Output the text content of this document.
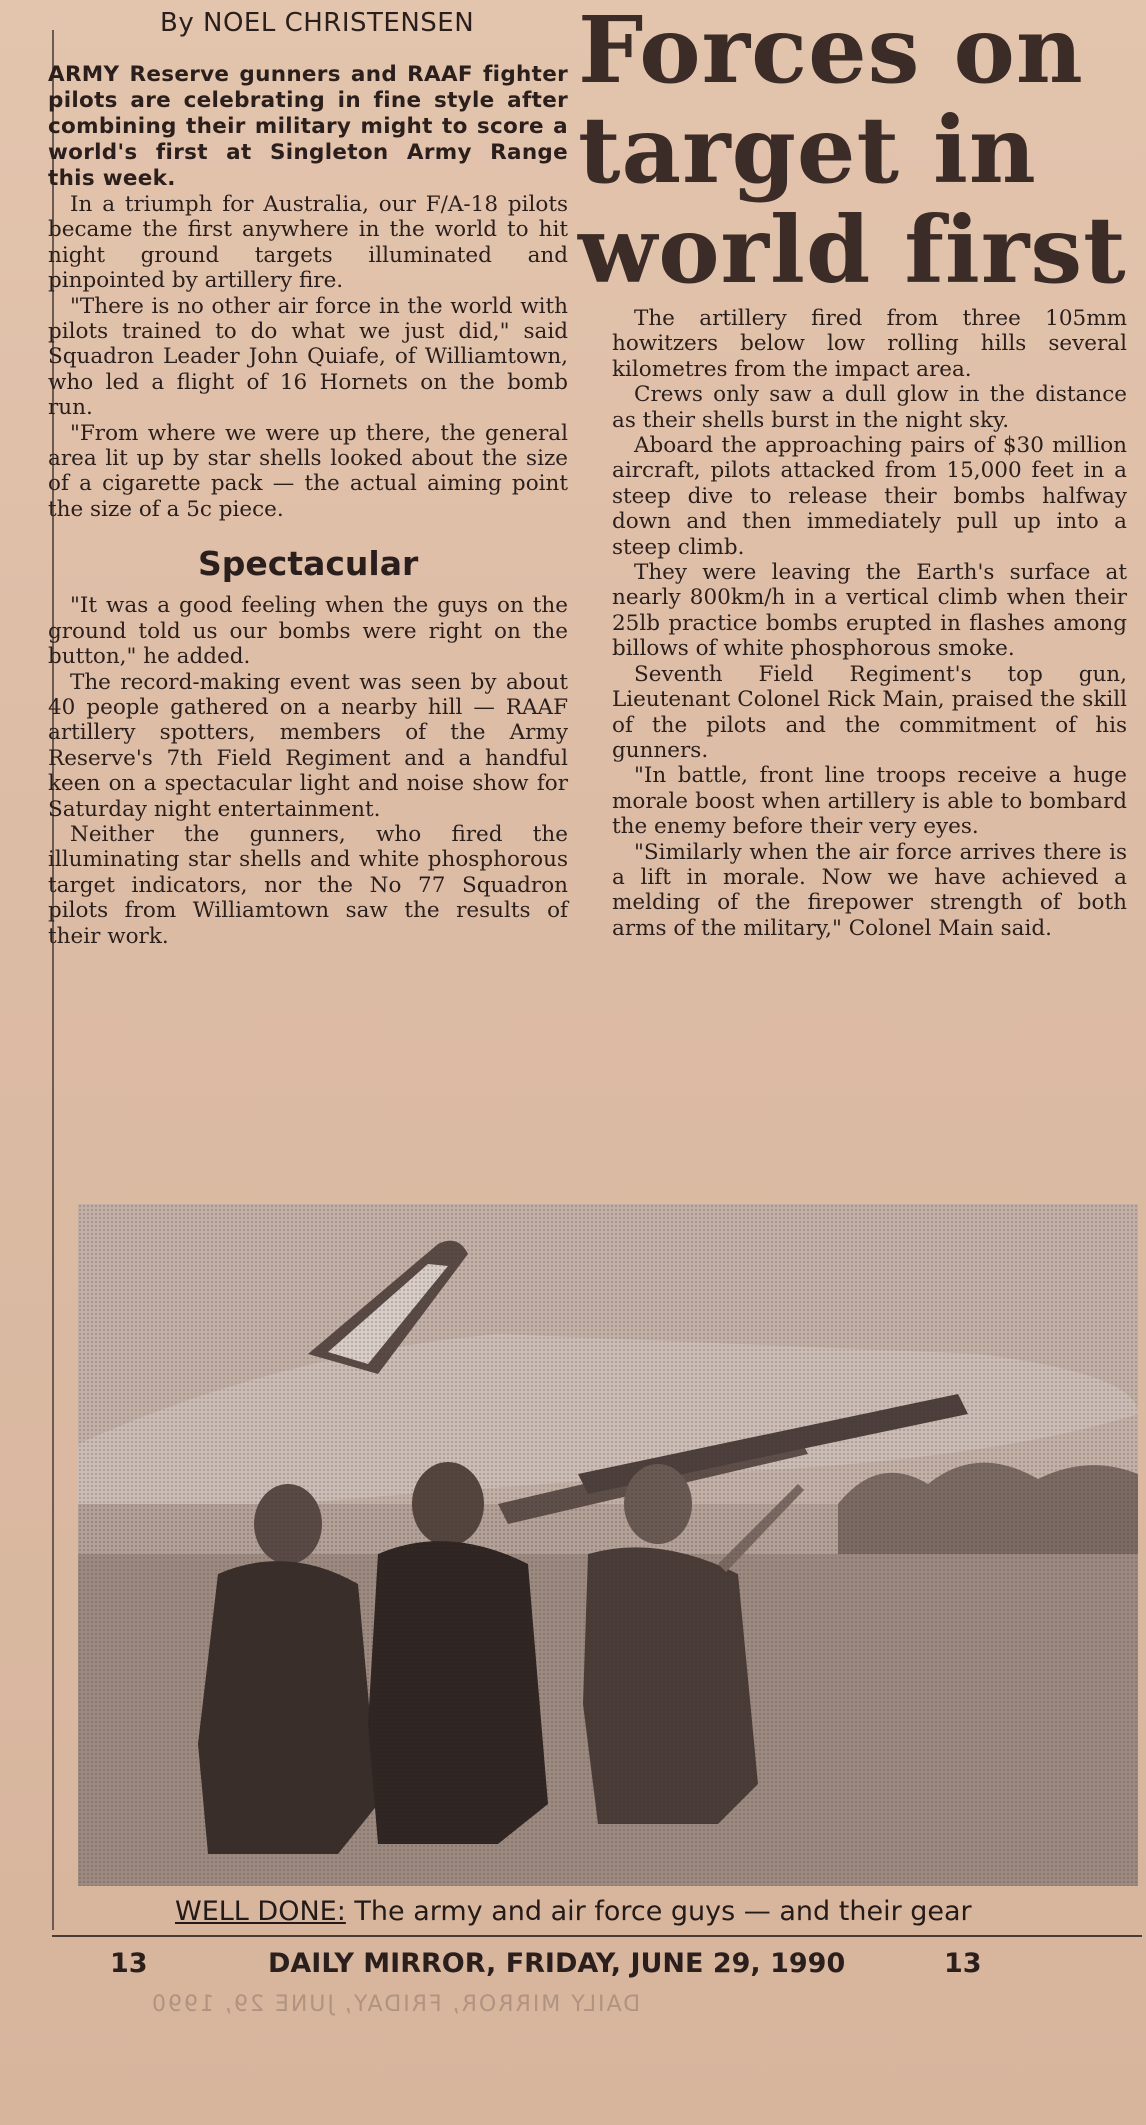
By NOEL CHRISTENSEN Forces on
target in
world first

ARMY Reserve gunners and RAAF fighter pilots are celebrating in fine style after combining their military might to score a world's first at Singleton Army Range this week.

In a triumph for Australia, our F/A-18 pilots became the first anywhere in the world to hit night ground targets illuminated and pinpointed by artillery fire.

"There is no other air force in the world with pilots trained to do what we just did," said Squadron Leader John Quiafe, of Williamtown, who led a flight of 16 Hornets on the bomb run.

"From where we were up there, the general area lit up by star shells looked about the size of a cigarette pack — the actual aiming point the size of a 5c piece.

Spectacular

"It was a good feeling when the guys on the ground told us our bombs were right on the button," he added.

The record-making event was seen by about 40 people gathered on a nearby hill — RAAF artillery spotters, members of the Army Reserve's 7th Field Regiment and a handful keen on a spectacular light and noise show for Saturday night entertainment.

Neither the gunners, who fired the illuminating star shells and white phosphorous target indicators, nor the No 77 Squadron pilots from Williamtown saw the results of their work.

The artillery fired from three 105mm howitzers below low rolling hills several kilometres from the impact area.

Crews only saw a dull glow in the distance as their shells burst in the night sky.

Aboard the approaching pairs of $30 million aircraft, pilots attacked from 15,000 feet in a steep dive to release their bombs halfway down and then immediately pull up into a steep climb.

They were leaving the Earth's surface at nearly 800km/h in a vertical climb when their 25lb practice bombs erupted in flashes among billows of white phosphorous smoke.

Seventh Field Regiment's top gun, Lieutenant Colonel Rick Main, praised the skill of the pilots and the commitment of his gunners.

"In battle, front line troops receive a huge morale boost when artillery is able to bombard the enemy before their very eyes.

"Similarly when the air force arrives there is a lift in morale. Now we have achieved a melding of the firepower strength of both arms of the military," Colonel Main said.

WELL DONE: The army and air force guys — and their gear
13	DAILY MIRROR, FRIDAY, JUNE 29, 1990	13
DAILY MIRROR, FRIDAY, JUNE 29, 1990
